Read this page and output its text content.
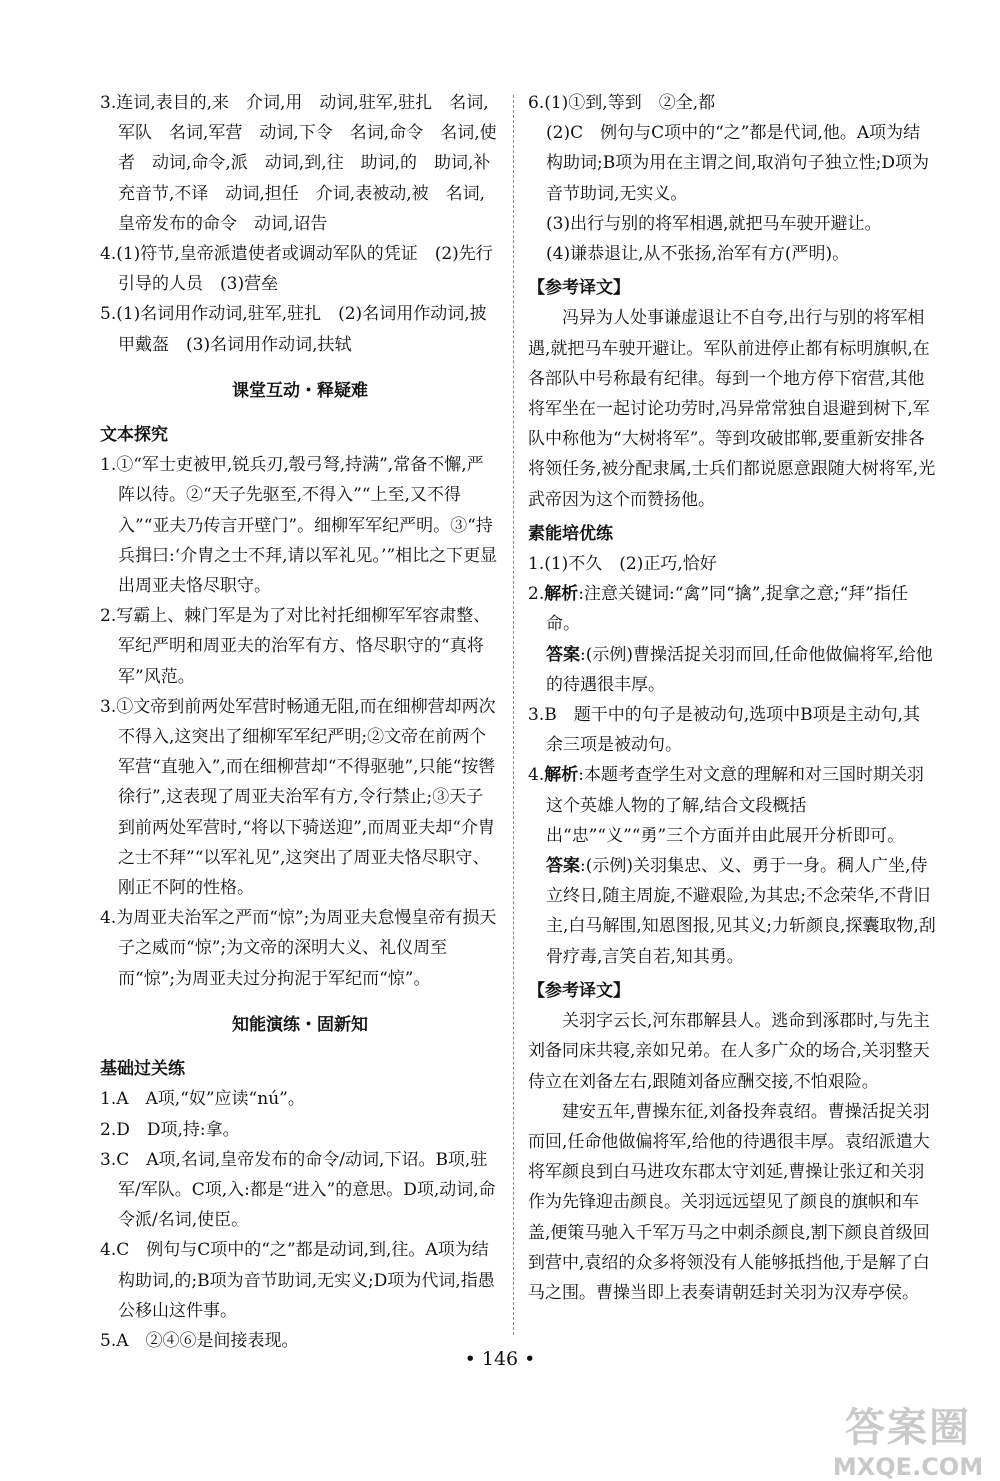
3.连词,表目的,来　介词,用　动词,驻军,驻扎　名词,军队　名词,军营　动词,下令　名词,命令　名词,使者　动词,命令,派　动词,到,往　助词,的　助词,补充音节,不译　动词,担任　介词,表被动,被　名词,皇帝发布的命令　动词,诏告

4.(1)符节,皇帝派遣使者或调动军队的凭证　(2)先行引导的人员　(3)营垒

5.(1)名词用作动词,驻军,驻扎　(2)名词用作动词,披甲戴盔　(3)名词用作动词,扶轼

课堂互动・释疑难

文本探究

1.①“军士吏被甲,锐兵刃,彀弓弩,持满”,常备不懈,严阵以待。②“天子先驱至,不得入”“上至,又不得入”“亚夫乃传言开壁门”。细柳军军纪严明。③“持兵揖曰:‘介胄之士不拜,请以军礼见。’”相比之下更显出周亚夫恪尽职守。

2.写霸上、棘门军是为了对比衬托细柳军军容肃整、军纪严明和周亚夫的治军有方、恪尽职守的“真将军”风范。

3.①文帝到前两处军营时畅通无阻,而在细柳营却两次不得入,这突出了细柳军军纪严明;②文帝在前两个军营“直驰入”,而在细柳营却“不得驱驰”,只能“按辔徐行”,这表现了周亚夫治军有方,令行禁止;③天子到前两处军营时,“将以下骑送迎”,而周亚夫却“介胄之士不拜”“以军礼见”,这突出了周亚夫恪尽职守、刚正不阿的性格。

4.为周亚夫治军之严而“惊”;为周亚夫怠慢皇帝有损天子之威而“惊”;为文帝的深明大义、礼仪周至而“惊”;为周亚夫过分拘泥于军纪而“惊”。

知能演练・固新知

基础过关练

1.A　A项,“奴”应读“nú”。

2.D　D项,持:拿。

3.C　A项,名词,皇帝发布的命令/动词,下诏。B项,驻军/军队。C项,入:都是“进入”的意思。D项,动词,命令派/名词,使臣。

4.C　例句与C项中的“之”都是动词,到,往。A项为结构助词,的;B项为音节助词,无实义;D项为代词,指愚公移山这件事。

5.A　②④⑥是间接表现。

6.(1)①到,等到　②全,都

(2)C　例句与C项中的“之”都是代词,他。A项为结构助词;B项为用在主谓之间,取消句子独立性;D项为音节助词,无实义。

(3)出行与别的将军相遇,就把马车驶开避让。

(4)谦恭退让,从不张扬,治军有方(严明)。

【参考译文】

冯异为人处事谦虚退让不自夸,出行与别的将军相遇,就把马车驶开避让。军队前进停止都有标明旗帜,在各部队中号称最有纪律。每到一个地方停下宿营,其他将军坐在一起讨论功劳时,冯异常常独自退避到树下,军队中称他为“大树将军”。等到攻破邯郸,要重新安排各将领任务,被分配隶属,士兵们都说愿意跟随大树将军,光武帝因为这个而赞扬他。

素能培优练

1.(1)不久　(2)正巧,恰好

2.解析:注意关键词:“禽”同“擒”,捉拿之意;“拜”指任命。

答案:(示例)曹操活捉关羽而回,任命他做偏将军,给他的待遇很丰厚。

3.B　题干中的句子是被动句,选项中B项是主动句,其余三项是被动句。

4.解析:本题考查学生对文意的理解和对三国时期关羽这个英雄人物的了解,结合文段概括出“忠”“义”“勇”三个方面并由此展开分析即可。

答案:(示例)关羽集忠、义、勇于一身。稠人广坐,侍立终日,随主周旋,不避艰险,为其忠;不念荣华,不背旧主,白马解围,知恩图报,见其义;力斩颜良,探囊取物,刮骨疗毒,言笑自若,知其勇。

【参考译文】

关羽字云长,河东郡解县人。逃命到涿郡时,与先主刘备同床共寝,亲如兄弟。在人多广众的场合,关羽整天侍立在刘备左右,跟随刘备应酬交接,不怕艰险。

建安五年,曹操东征,刘备投奔袁绍。曹操活捉关羽而回,任命他做偏将军,给他的待遇很丰厚。袁绍派遣大将军颜良到白马进攻东郡太守刘延,曹操让张辽和关羽作为先锋迎击颜良。关羽远远望见了颜良的旗帜和车盖,便策马驰入千军万马之中刺杀颜良,割下颜良首级回到营中,袁绍的众多将领没有人能够抵挡他,于是解了白马之围。曹操当即上表奏请朝廷封关羽为汉寿亭侯。

• 146 •
答案圈
MXQE.COM
